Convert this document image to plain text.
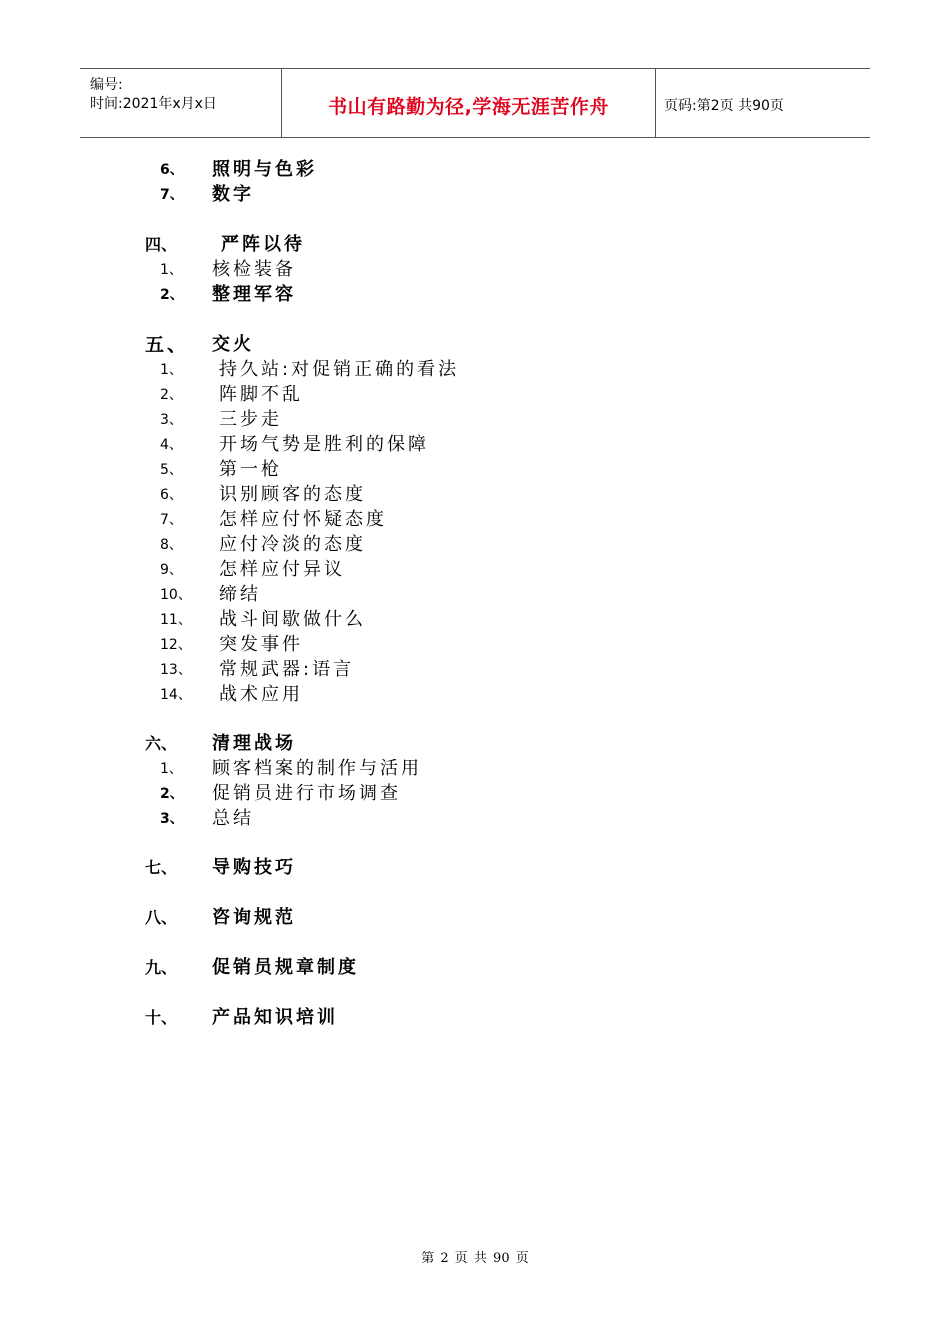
编号:
时间:2021年x月x日	书山有路勤为径,学海无涯苦作舟	页码:第2页 共90页
6、 照明与色彩
7、 数字
四、 严阵以待
1、 核检装备
2、 整理军容
五、 交火
1、 持久站:对促销正确的看法
2、 阵脚不乱
3、 三步走
4、 开场气势是胜利的保障
5、 第一枪
6、 识别顾客的态度
7、 怎样应付怀疑态度
8、 应付冷淡的态度
9、 怎样应付异议
10、 缔结
11、 战斗间歇做什么
12、 突发事件
13、 常规武器:语言
14、 战术应用
六、 清理战场
1、 顾客档案的制作与活用
2、 促销员进行市场调查
3、 总结
七、 导购技巧
八、 咨询规范
九、 促销员规章制度
十、 产品知识培训
第 2 页 共 90 页
